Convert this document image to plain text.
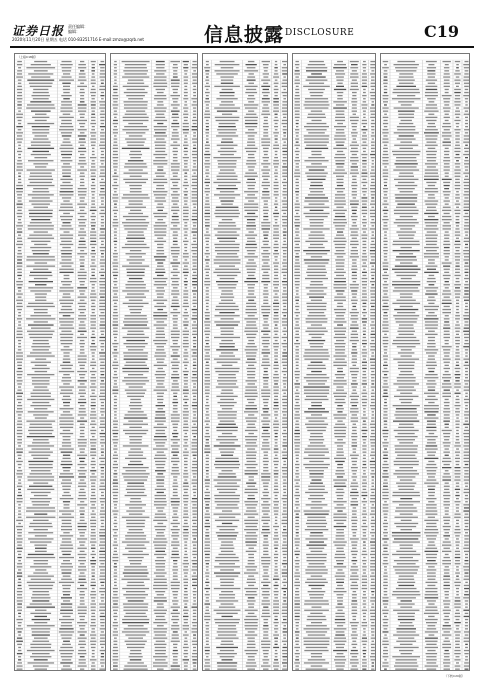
证券日报 责任编辑：
编辑：
2020年11月20日 星期五 电话 010-83251716 E-mail:zmzx@zqrb.net	信息披露 DISCLOSURE	C19
（上接C18版）
（下转C20版）
